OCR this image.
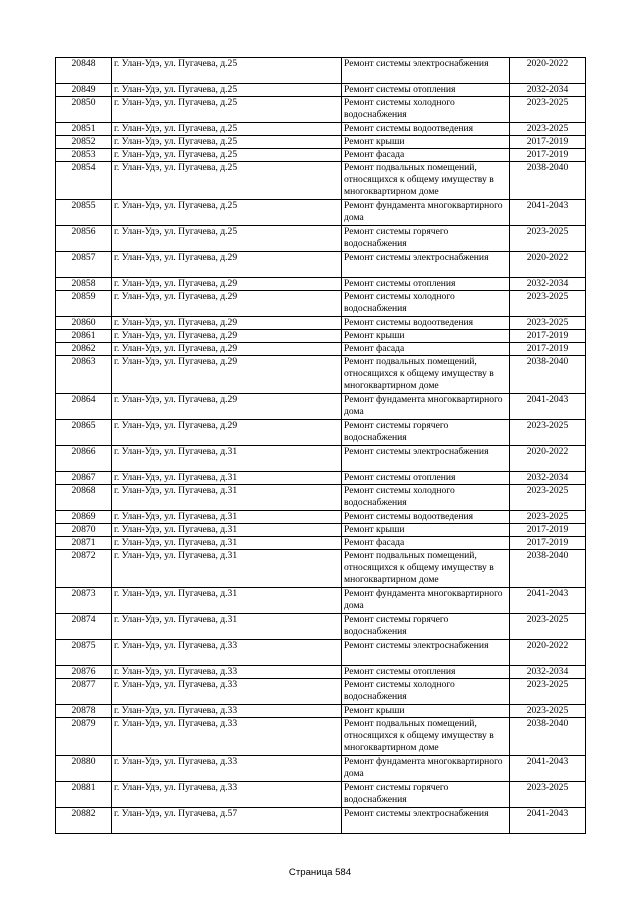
20848	г. Улан-Удэ, ул. Пугачева, д.25	Ремонт системы электроснабжения	2020-2022
20849	г. Улан-Удэ, ул. Пугачева, д.25	Ремонт системы отопления	2032-2034
20850	г. Улан-Удэ, ул. Пугачева, д.25	Ремонт системы холодного водоснабжения	2023-2025
20851	г. Улан-Удэ, ул. Пугачева, д.25	Ремонт системы водоотведения	2023-2025
20852	г. Улан-Удэ, ул. Пугачева, д.25	Ремонт крыши	2017-2019
20853	г. Улан-Удэ, ул. Пугачева, д.25	Ремонт фасада	2017-2019
20854	г. Улан-Удэ, ул. Пугачева, д.25	Ремонт подвальных помещений, относящихся к общему имуществу в многоквартирном доме	2038-2040
20855	г. Улан-Удэ, ул. Пугачева, д.25	Ремонт фундамента многоквартирного дома	2041-2043
20856	г. Улан-Удэ, ул. Пугачева, д.25	Ремонт системы горячего водоснабжения	2023-2025
20857	г. Улан-Удэ, ул. Пугачева, д.29	Ремонт системы электроснабжения	2020-2022
20858	г. Улан-Удэ, ул. Пугачева, д.29	Ремонт системы отопления	2032-2034
20859	г. Улан-Удэ, ул. Пугачева, д.29	Ремонт системы холодного водоснабжения	2023-2025
20860	г. Улан-Удэ, ул. Пугачева, д.29	Ремонт системы водоотведения	2023-2025
20861	г. Улан-Удэ, ул. Пугачева, д.29	Ремонт крыши	2017-2019
20862	г. Улан-Удэ, ул. Пугачева, д.29	Ремонт фасада	2017-2019
20863	г. Улан-Удэ, ул. Пугачева, д.29	Ремонт подвальных помещений, относящихся к общему имуществу в многоквартирном доме	2038-2040
20864	г. Улан-Удэ, ул. Пугачева, д.29	Ремонт фундамента многоквартирного дома	2041-2043
20865	г. Улан-Удэ, ул. Пугачева, д.29	Ремонт системы горячего водоснабжения	2023-2025
20866	г. Улан-Удэ, ул. Пугачева, д.31	Ремонт системы электроснабжения	2020-2022
20867	г. Улан-Удэ, ул. Пугачева, д.31	Ремонт системы отопления	2032-2034
20868	г. Улан-Удэ, ул. Пугачева, д.31	Ремонт системы холодного водоснабжения	2023-2025
20869	г. Улан-Удэ, ул. Пугачева, д.31	Ремонт системы водоотведения	2023-2025
20870	г. Улан-Удэ, ул. Пугачева, д.31	Ремонт крыши	2017-2019
20871	г. Улан-Удэ, ул. Пугачева, д.31	Ремонт фасада	2017-2019
20872	г. Улан-Удэ, ул. Пугачева, д.31	Ремонт подвальных помещений, относящихся к общему имуществу в многоквартирном доме	2038-2040
20873	г. Улан-Удэ, ул. Пугачева, д.31	Ремонт фундамента многоквартирного дома	2041-2043
20874	г. Улан-Удэ, ул. Пугачева, д.31	Ремонт системы горячего водоснабжения	2023-2025
20875	г. Улан-Удэ, ул. Пугачева, д.33	Ремонт системы электроснабжения	2020-2022
20876	г. Улан-Удэ, ул. Пугачева, д.33	Ремонт системы отопления	2032-2034
20877	г. Улан-Удэ, ул. Пугачева, д.33	Ремонт системы холодного водоснабжения	2023-2025
20878	г. Улан-Удэ, ул. Пугачева, д.33	Ремонт крыши	2023-2025
20879	г. Улан-Удэ, ул. Пугачева, д.33	Ремонт подвальных помещений, относящихся к общему имуществу в многоквартирном доме	2038-2040
20880	г. Улан-Удэ, ул. Пугачева, д.33	Ремонт фундамента многоквартирного дома	2041-2043
20881	г. Улан-Удэ, ул. Пугачева, д.33	Ремонт системы горячего водоснабжения	2023-2025
20882	г. Улан-Удэ, ул. Пугачева, д.57	Ремонт системы электроснабжения	2041-2043
Страница 584
